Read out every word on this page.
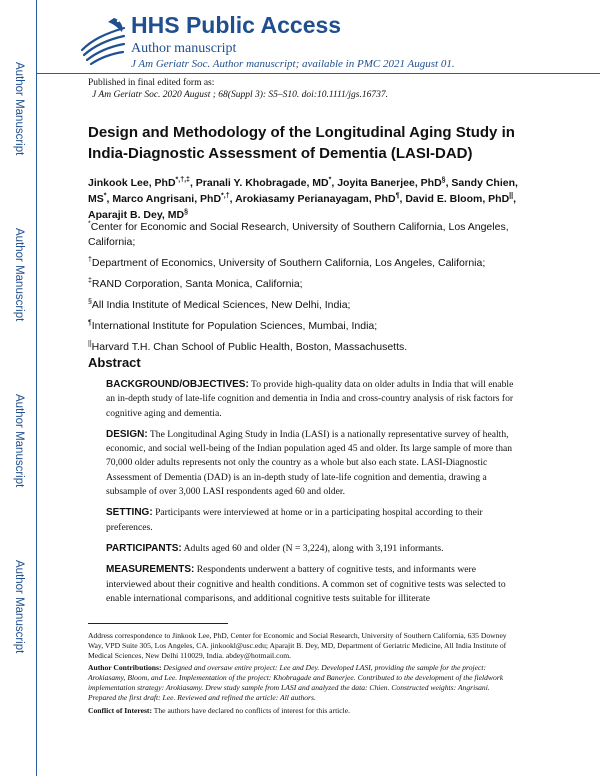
Author Manuscript
Author Manuscript
Author Manuscript
Author Manuscript
HHS Public Access
Author manuscript
J Am Geriatr Soc. Author manuscript; available in PMC 2021 August 01.
Published in final edited form as:
J Am Geriatr Soc. 2020 August ; 68(Suppl 3): S5–S10. doi:10.1111/jgs.16737.
Design and Methodology of the Longitudinal Aging Study in India-Diagnostic Assessment of Dementia (LASI-DAD)
Jinkook Lee, PhD*,†,‡, Pranali Y. Khobragade, MD*, Joyita Banerjee, PhD§, Sandy Chien, MS*, Marco Angrisani, PhD*,†, Arokiasamy Perianayagam, PhD¶, David E. Bloom, PhD||, Aparajit B. Dey, MD§

*Center for Economic and Social Research, University of Southern California, Los Angeles, California;

†Department of Economics, University of Southern California, Los Angeles, California;

‡RAND Corporation, Santa Monica, California;

§All India Institute of Medical Sciences, New Delhi, India;

¶International Institute for Population Sciences, Mumbai, India;

||Harvard T.H. Chan School of Public Health, Boston, Massachusetts.

Abstract

BACKGROUND/OBJECTIVES: To provide high-quality data on older adults in India that will enable an in-depth study of late-life cognition and dementia in India and cross-country analysis of risk factors for cognitive aging and dementia.

DESIGN: The Longitudinal Aging Study in India (LASI) is a nationally representative survey of health, economic, and social well-being of the Indian population aged 45 and older. Its large sample of more than 70,000 older adults represents not only the country as a whole but also each state. LASI-Diagnostic Assessment of Dementia (DAD) is an in-depth study of late-life cognition and dementia, drawing a subsample of over 3,000 LASI respondents aged 60 and older.

SETTING: Participants were interviewed at home or in a participating hospital according to their preferences.

PARTICIPANTS: Adults aged 60 and older (N = 3,224), along with 3,191 informants.

MEASUREMENTS: Respondents underwent a battery of cognitive tests, and informants were interviewed about their cognitive and health conditions. A common set of cognitive tests was selected to enable international comparisons, and additional cognitive tests suitable for illiterate

Address correspondence to Jinkook Lee, PhD, Center for Economic and Social Research, University of Southern California, 635 Downey Way, VPD Suite 305, Los Angeles, CA. jinkookl@usc.edu; Aparajit B. Dey, MD, Department of Geriatric Medicine, All India Institute of Medical Sciences, New Delhi 110029, India. abdey@hotmail.com.

Author Contributions: Designed and oversaw entire project: Lee and Dey. Developed LASI, providing the sample for the project: Arokiasamy, Bloom, and Lee. Implementation of the project: Khobragade and Banerjee. Contributed to the development of the fieldwork implementation strategy: Arokiasamy. Drew study sample from LASI and analyzed the data: Chien. Constructed weights: Angrisani. Prepared the first draft: Lee. Reviewed and refined the article: All authors.

Conflict of Interest: The authors have declared no conflicts of interest for this article.
